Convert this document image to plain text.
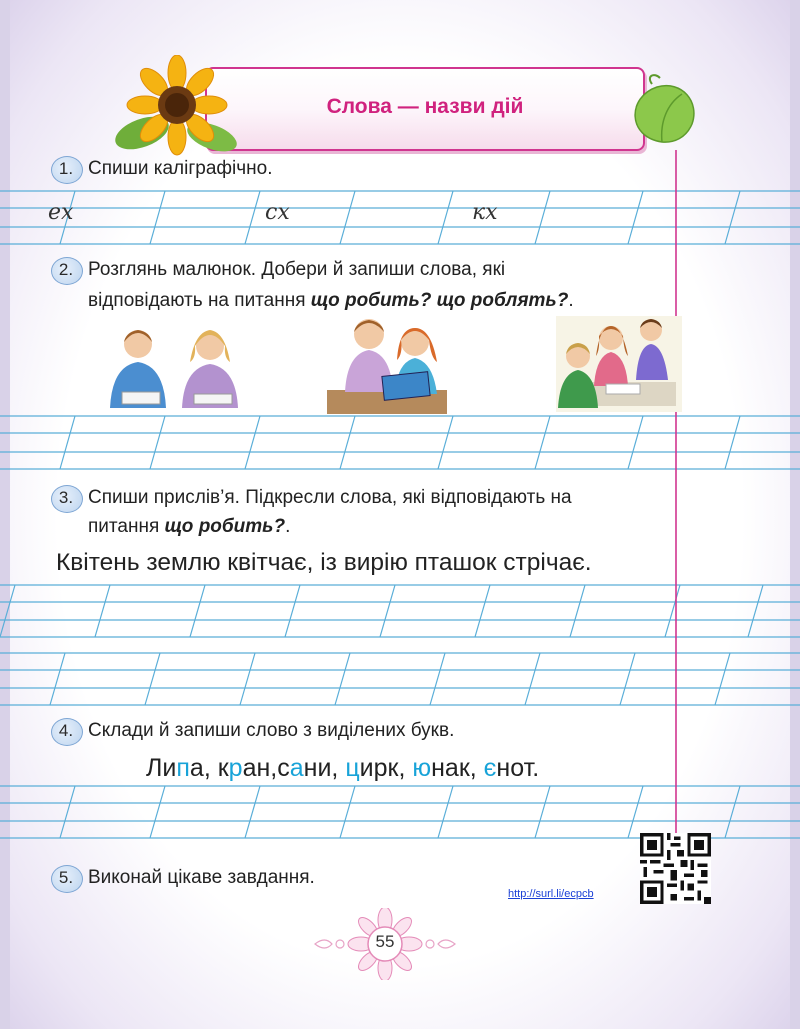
Слова — назви дій
1. Спиши каліграфічно.
ех	сх	кх
2. Розглянь малюнок. Добери й запиши слова, які
відповідають на питання що робить? що роблять?.
3. Спиши прислів’я. Підкресли слова, які відповідають на
питання що робить?.
Квітень землю квітчає, із вирію пташок стрічає.
4. Склади й запиши слово з виділених букв.
Липа, кран,сани, цирк, юнак, єнот.
5. Виконай цікаве завдання.
http://surl.li/ecpcb
55
